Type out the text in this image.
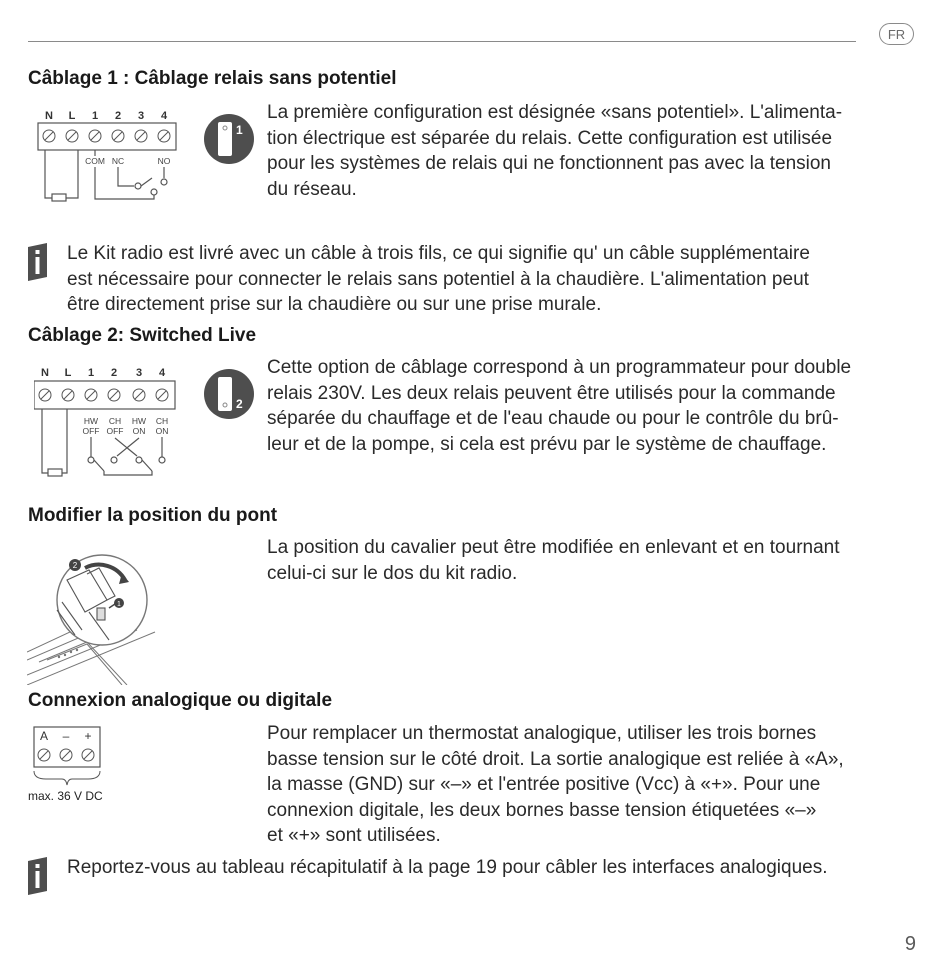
FR
Câblage 1 : Câblage relais sans potentiel
N L 1 2 3 4
COM NC	NO
1

La première configuration est désignée «sans potentiel». L'alimenta-
tion électrique est séparée du relais. Cette configuration est utilisée
pour les systèmes de relais qui ne fonctionnent pas avec la tension
du réseau.

Le Kit radio est livré avec un câble à trois fils, ce qui signifie qu' un câble supplémentaire
est nécessaire pour connecter le relais sans potentiel à la chaudière. L'alimentation peut
être directement prise sur la chaudière ou sur une prise murale.

Câblage 2: Switched Live
N L 1 2 3 4
HW CH HW CH
OFF OFF ON ON
2

Cette option de câblage correspond à un programmateur pour double
relais 230V. Les deux relais peuvent être utilisés pour la commande
séparée du chauffage et de l'eau chaude ou pour le contrôle du brû-
leur et de la pompe, si cela est prévu par le système de chauffage.

Modifier la position du pont
2
1

La position du cavalier peut être modifiée en enlevant et en tournant
celui-ci sur le dos du kit radio.

Connexion analogique ou digitale
A – +
max. 36 V DC

Pour remplacer un thermostat analogique, utiliser les trois bornes
basse tension sur le côté droit. La sortie analogique est reliée à «A»,
la masse (GND) sur «–» et l'entrée positive (Vcc) à «+». Pour une
connexion digitale, les deux bornes basse tension étiquetées «–»
et «+» sont utilisées.

Reportez-vous au tableau récapitulatif à la page 19 pour câbler les interfaces analogiques.

9
